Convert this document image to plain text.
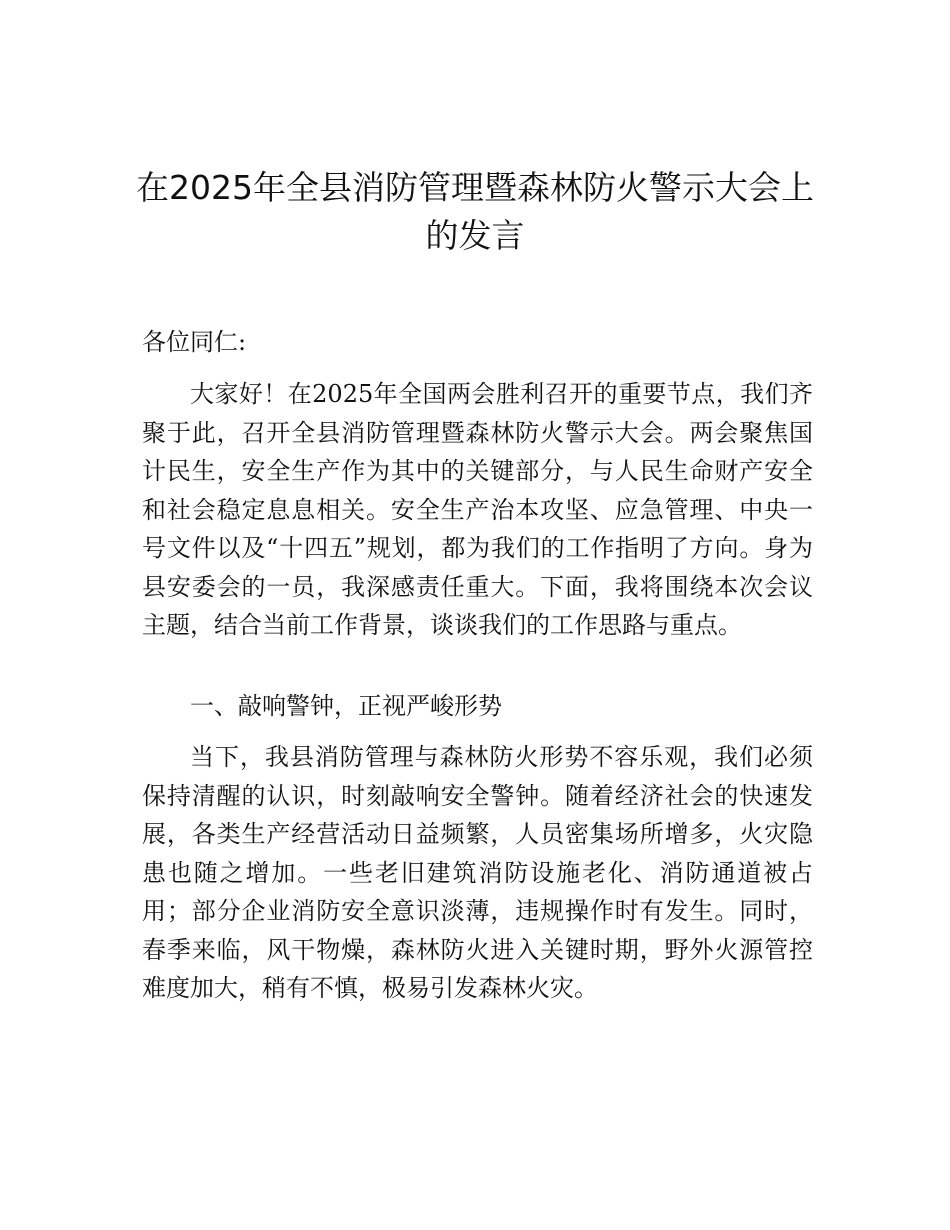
在2025年全县消防管理暨森林防火警示大会上的发言

各位同仁:

大家好！在2025年全国两会胜利召开的重要节点，我们齐聚于此，召开全县消防管理暨森林防火警示大会。两会聚焦国计民生，安全生产作为其中的关键部分，与人民生命财产安全和社会稳定息息相关。安全生产治本攻坚、应急管理、中央一号文件以及“十四五”规划，都为我们的工作指明了方向。身为县安委会的一员，我深感责任重大。下面，我将围绕本次会议主题，结合当前工作背景，谈谈我们的工作思路与重点。

一、敲响警钟，正视严峻形势

当下，我县消防管理与森林防火形势不容乐观，我们必须保持清醒的认识，时刻敲响安全警钟。随着经济社会的快速发展，各类生产经营活动日益频繁，人员密集场所增多，火灾隐患也随之增加。一些老旧建筑消防设施老化、消防通道被占用；部分企业消防安全意识淡薄，违规操作时有发生。同时，春季来临，风干物燥，森林防火进入关键时期，野外火源管控难度加大，稍有不慎，极易引发森林火灾。
